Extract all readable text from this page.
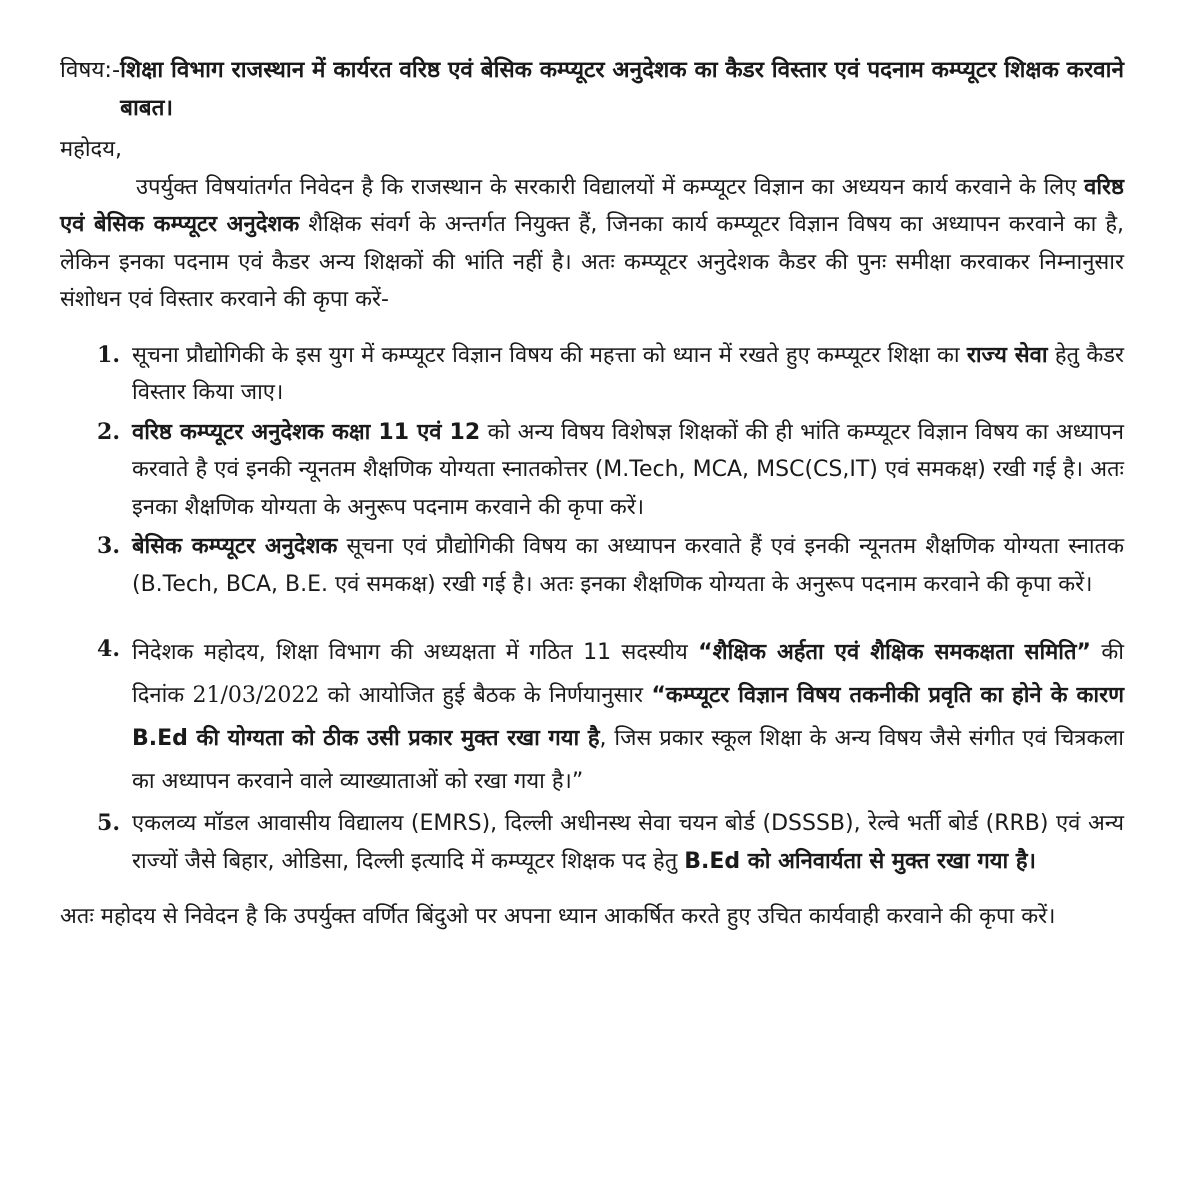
विषय:- शिक्षा विभाग राजस्थान में कार्यरत वरिष्ठ एवं बेसिक कम्प्यूटर अनुदेशक का कैडर विस्तार एवं पदनाम कम्प्यूटर शिक्षक करवाने बाबत।
महोदय,
उपर्युक्त विषयांतर्गत निवेदन है कि राजस्थान के सरकारी विद्यालयों में कम्प्यूटर विज्ञान का अध्ययन कार्य करवाने के लिए वरिष्ठ एवं बेसिक कम्प्यूटर अनुदेशक शैक्षिक संवर्ग के अन्तर्गत नियुक्त हैं, जिनका कार्य कम्प्यूटर विज्ञान विषय का अध्यापन करवाने का है, लेकिन इनका पदनाम एवं कैडर अन्य शिक्षकों की भांति नहीं है। अतः कम्प्यूटर अनुदेशक कैडर की पुनः समीक्षा करवाकर निम्नानुसार संशोधन एवं विस्तार करवाने की कृपा करें-
1. सूचना प्रौद्योगिकी के इस युग में कम्प्यूटर विज्ञान विषय की महत्ता को ध्यान में रखते हुए कम्प्यूटर शिक्षा का राज्य सेवा हेतु कैडर विस्तार किया जाए।
2. वरिष्ठ कम्प्यूटर अनुदेशक कक्षा 11 एवं 12 को अन्य विषय विशेषज्ञ शिक्षकों की ही भांति कम्प्यूटर विज्ञान विषय का अध्यापन करवाते है एवं इनकी न्यूनतम शैक्षणिक योग्यता स्नातकोत्तर (M.Tech, MCA, MSC(CS,IT) एवं समकक्ष) रखी गई है। अतः इनका शैक्षणिक योग्यता के अनुरूप पदनाम करवाने की कृपा करें।
3. बेसिक कम्प्यूटर अनुदेशक सूचना एवं प्रौद्योगिकी विषय का अध्यापन करवाते हैं एवं इनकी न्यूनतम शैक्षणिक योग्यता स्नातक (B.Tech, BCA, B.E. एवं समकक्ष) रखी गई है। अतः इनका शैक्षणिक योग्यता के अनुरूप पदनाम करवाने की कृपा करें।
4. निदेशक महोदय, शिक्षा विभाग की अध्यक्षता में गठित 11 सदस्यीय “शैक्षिक अर्हता एवं शैक्षिक समकक्षता समिति” की दिनांक 21/03/2022 को आयोजित हुई बैठक के निर्णयानुसार “कम्प्यूटर विज्ञान विषय तकनीकी प्रवृति का होने के कारण B.Ed की योग्यता को ठीक उसी प्रकार मुक्त रखा गया है, जिस प्रकार स्कूल शिक्षा के अन्य विषय जैसे संगीत एवं चित्रकला का अध्यापन करवाने वाले व्याख्याताओं को रखा गया है।”
5. एकलव्य मॉडल आवासीय विद्यालय (EMRS), दिल्ली अधीनस्थ सेवा चयन बोर्ड (DSSSB), रेल्वे भर्ती बोर्ड (RRB) एवं अन्य राज्यों जैसे बिहार, ओडिसा, दिल्ली इत्यादि में कम्प्यूटर शिक्षक पद हेतु B.Ed को अनिवार्यता से मुक्त रखा गया है।
अतः महोदय से निवेदन है कि उपर्युक्त वर्णित बिंदुओ पर अपना ध्यान आकर्षित करते हुए उचित कार्यवाही करवाने की कृपा करें।
